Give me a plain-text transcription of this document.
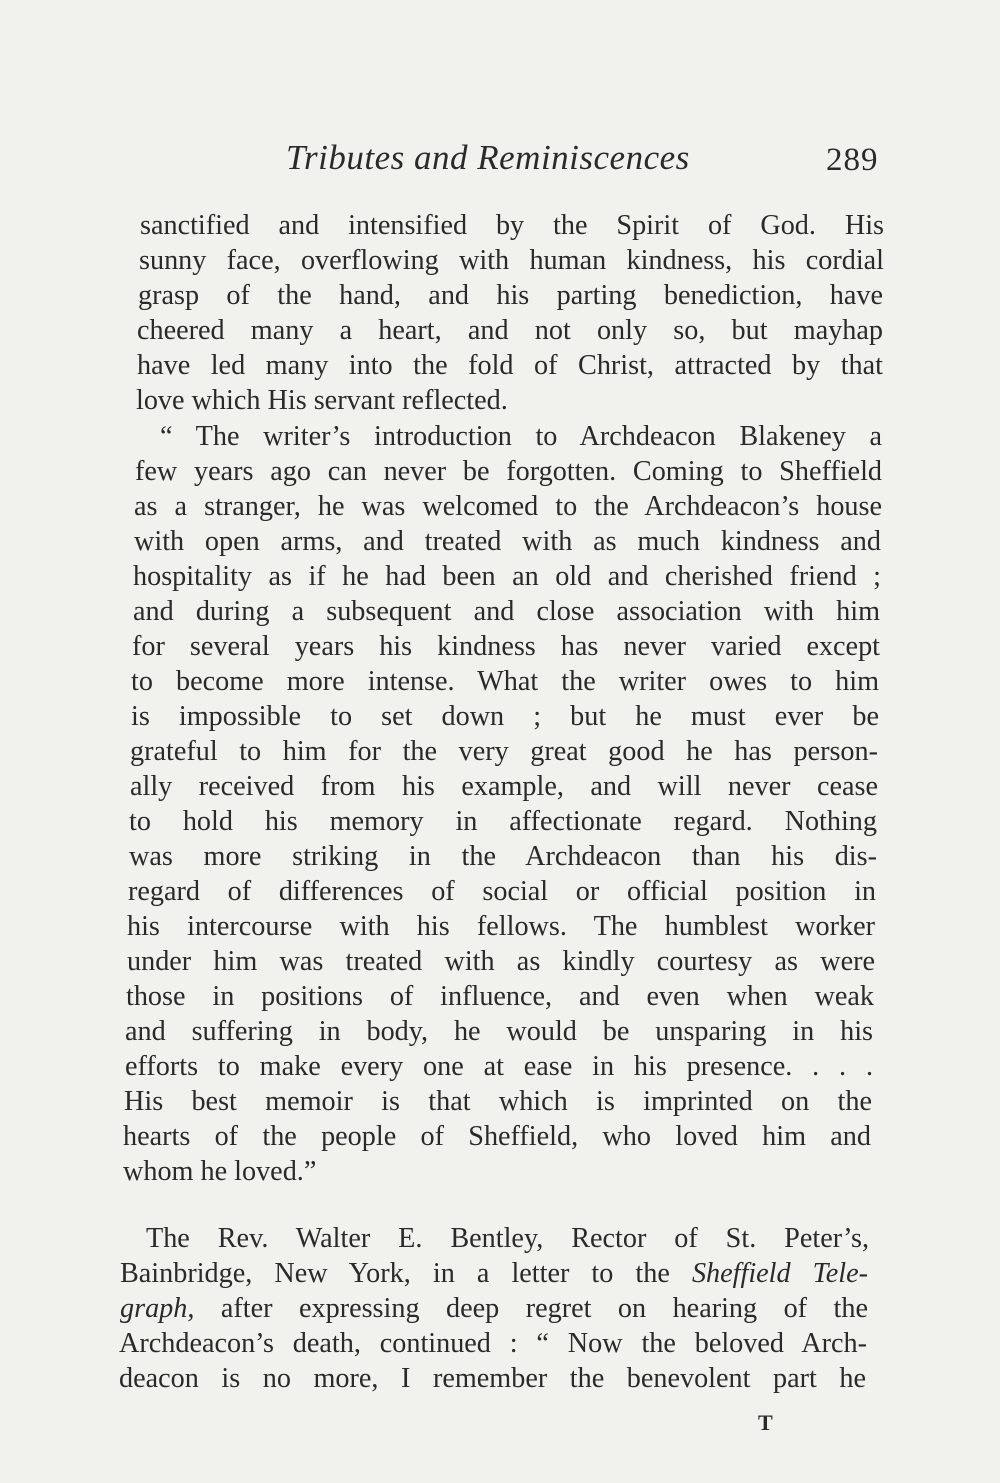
Tributes and Reminiscences	289
sanctified and intensified by the Spirit of God. His
sunny face, overflowing with human kindness, his cordial
grasp of the hand, and his parting benediction, have
cheered many a heart, and not only so, but mayhap
have led many into the fold of Christ, attracted by that
love which His servant reflected.
“ The writer’s introduction to Archdeacon Blakeney a
few years ago can never be forgotten. Coming to Sheffield
as a stranger, he was welcomed to the Archdeacon’s house
with open arms, and treated with as much kindness and
hospitality as if he had been an old and cherished friend ;
and during a subsequent and close association with him
for several years his kindness has never varied except
to become more intense. What the writer owes to him
is impossible to set down ; but he must ever be
grateful to him for the very great good he has person-
ally received from his example, and will never cease
to hold his memory in affectionate regard. Nothing
was more striking in the Archdeacon than his dis-
regard of differences of social or official position in
his intercourse with his fellows. The humblest worker
under him was treated with as kindly courtesy as were
those in positions of influence, and even when weak
and suffering in body, he would be unsparing in his
efforts to make every one at ease in his presence. . . .
His best memoir is that which is imprinted on the
hearts of the people of Sheffield, who loved him and
whom he loved.”
The Rev. Walter E. Bentley, Rector of St. Peter’s,
Bainbridge, New York, in a letter to the Sheffield Tele-
graph, after expressing deep regret on hearing of the
Archdeacon’s death, continued : “ Now the beloved Arch-
deacon is no more, I remember the benevolent part he
T
